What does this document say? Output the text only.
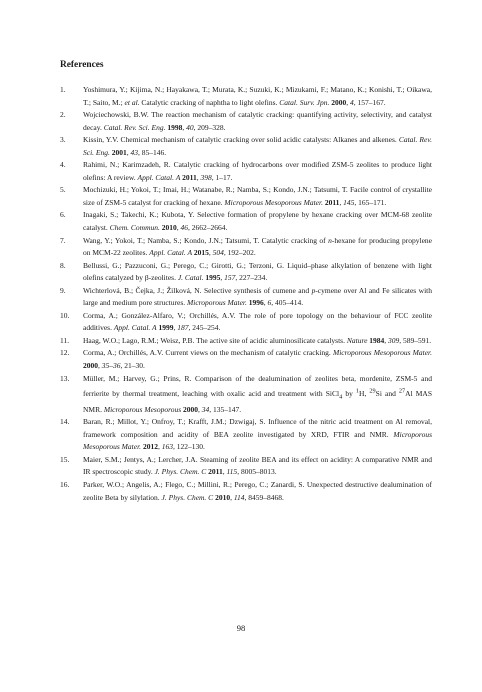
References
1. Yoshimura, Y.; Kijima, N.; Hayakawa, T.; Murata, K.; Suzuki, K.; Mizukami, F.; Matano, K.; Konishi, T.; Oikawa, T.; Saito, M.; et al. Catalytic cracking of naphtha to light olefins. Catal. Surv. Jpn. 2000, 4, 157–167.
2. Wojciechowski, B.W. The reaction mechanism of catalytic cracking: quantifying activity, selectivity, and catalyst decay. Catal. Rev. Sci. Eng. 1998, 40, 209–328.
3. Kissin, Y.V. Chemical mechanism of catalytic cracking over solid acidic catalysts: Alkanes and alkenes. Catal. Rev. Sci. Eng. 2001, 43, 85–146.
4. Rahimi, N.; Karimzadeh, R. Catalytic cracking of hydrocarbons over modified ZSM-5 zeolites to produce light olefins: A review. Appl. Catal. A 2011, 398, 1–17.
5. Mochizuki, H.; Yokoi, T.; Imai, H.; Watanabe, R.; Namba, S.; Kondo, J.N.; Tatsumi, T. Facile control of crystallite size of ZSM-5 catalyst for cracking of hexane. Microporous Mesoporous Mater. 2011, 145, 165–171.
6. Inagaki, S.; Takechi, K.; Kubota, Y. Selective formation of propylene by hexane cracking over MCM-68 zeolite catalyst. Chem. Commun. 2010, 46, 2662–2664.
7. Wang, Y.; Yokoi, T.; Namba, S.; Kondo, J.N.; Tatsumi, T. Catalytic cracking of n-hexane for producing propylene on MCM-22 zeolites. Appl. Catal. A 2015, 504, 192–202.
8. Bellussi, G.; Pazzuconi, G.; Perego, C.; Girotti, G.; Terzoni, G. Liquid–phase alkylation of benzene with light olefins catalyzed by β-zeolites. J. Catal. 1995, 157, 227–234.
9. Wichterlová, B.; Čejka, J.; Žilková, N. Selective synthesis of cumene and p-cymene over Al and Fe silicates with large and medium pore structures. Microporous Mater. 1996, 6, 405–414.
10. Corma, A.; González-Alfaro, V.; Orchillés, A.V. The role of pore topology on the behaviour of FCC zeolite additives. Appl. Catal. A 1999, 187, 245–254.
11. Haag, W.O.; Lago, R.M.; Weisz, P.B. The active site of acidic aluminosilicate catalysts. Nature 1984, 309, 589–591.
12. Corma, A.; Orchillés, A.V. Current views on the mechanism of catalytic cracking. Microporous Mesoporous Mater. 2000, 35–36, 21–30.
13. Müller, M.; Harvey, G.; Prins, R. Comparison of the dealumination of zeolites beta, mordenite, ZSM-5 and ferrierite by thermal treatment, leaching with oxalic acid and treatment with SiCl$_4$ by $^1$H, $^{29}$Si and $^{27}$Al MAS NMR. Microporous Mesoporous 2000, 34, 135–147.
14. Baran, R.; Millot, Y.; Onfroy, T.; Krafft, J.M.; Dzwigaj, S. Influence of the nitric acid treatment on Al removal, framework composition and acidity of BEA zeolite investigated by XRD, FTIR and NMR. Microporous Mesoporous Mater. 2012, 163, 122–130.
15. Maier, S.M.; Jentys, A.; Lercher, J.A. Steaming of zeolite BEA and its effect on acidity: A comparative NMR and IR spectroscopic study. J. Phys. Chem. C 2011, 115, 8005–8013.
16. Parker, W.O.; Angelis, A.; Flego, C.; Millini, R.; Perego, C.; Zanardi, S. Unexpected destructive dealumination of zeolite Beta by silylation. J. Phys. Chem. C 2010, 114, 8459–8468.
98
